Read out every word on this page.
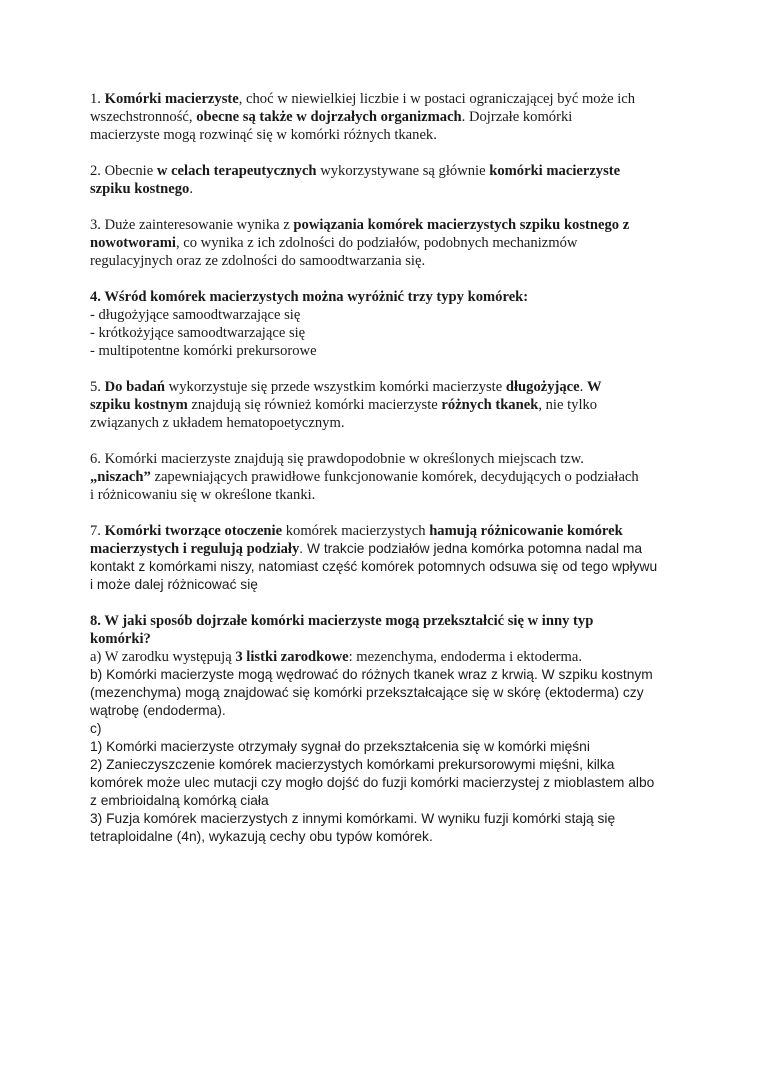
1. Komórki macierzyste, choć w niewielkiej liczbie i w postaci ograniczającej być może ich
wszechstronność, obecne są także w dojrzałych organizmach. Dojrzałe komórki
macierzyste mogą rozwinąć się w komórki różnych tkanek.
2. Obecnie w celach terapeutycznych wykorzystywane są głównie komórki macierzyste
szpiku kostnego.
3. Duże zainteresowanie wynika z powiązania komórek macierzystych szpiku kostnego z
nowotworami, co wynika z ich zdolności do podziałów, podobnych mechanizmów
regulacyjnych oraz ze zdolności do samoodtwarzania się.
4. Wśród komórek macierzystych można wyróżnić trzy typy komórek:
- długożyjące samoodtwarzające się
- krótkożyjące samoodtwarzające się
- multipotentne komórki prekursorowe
5. Do badań wykorzystuje się przede wszystkim komórki macierzyste długożyjące. W
szpiku kostnym znajdują się również komórki macierzyste różnych tkanek, nie tylko
związanych z układem hematopoetycznym.
6. Komórki macierzyste znajdują się prawdopodobnie w określonych miejscach tzw.
„niszach” zapewniających prawidłowe funkcjonowanie komórek, decydujących o podziałach
i różnicowaniu się w określone tkanki.
7. Komórki tworzące otoczenie komórek macierzystych hamują różnicowanie komórek
macierzystych i regulują podziały. W trakcie podziałów jedna komórka potomna nadal ma
kontakt z komórkami niszy, natomiast część komórek potomnych odsuwa się od tego wpływu
i może dalej różnicować się
8. W jaki sposób dojrzałe komórki macierzyste mogą przekształcić się w inny typ
komórki?
a) W zarodku występują 3 listki zarodkowe: mezenchyma, endoderma i ektoderma.
b) Komórki macierzyste mogą wędrować do różnych tkanek wraz z krwią. W szpiku kostnym
(mezenchyma) mogą znajdować się komórki przekształcające się w skórę (ektoderma) czy
wątrobę (endoderma).
c)
1) Komórki macierzyste otrzymały sygnał do przekształcenia się w komórki mięśni
2) Zanieczyszczenie komórek macierzystych komórkami prekursorowymi mięśni, kilka
komórek może ulec mutacji czy mogło dojść do fuzji komórki macierzystej z mioblastem albo
z embrioidalną komórką ciała
3) Fuzja komórek macierzystych z innymi komórkami. W wyniku fuzji komórki stają się
tetraploidalne (4n), wykazują cechy obu typów komórek.
